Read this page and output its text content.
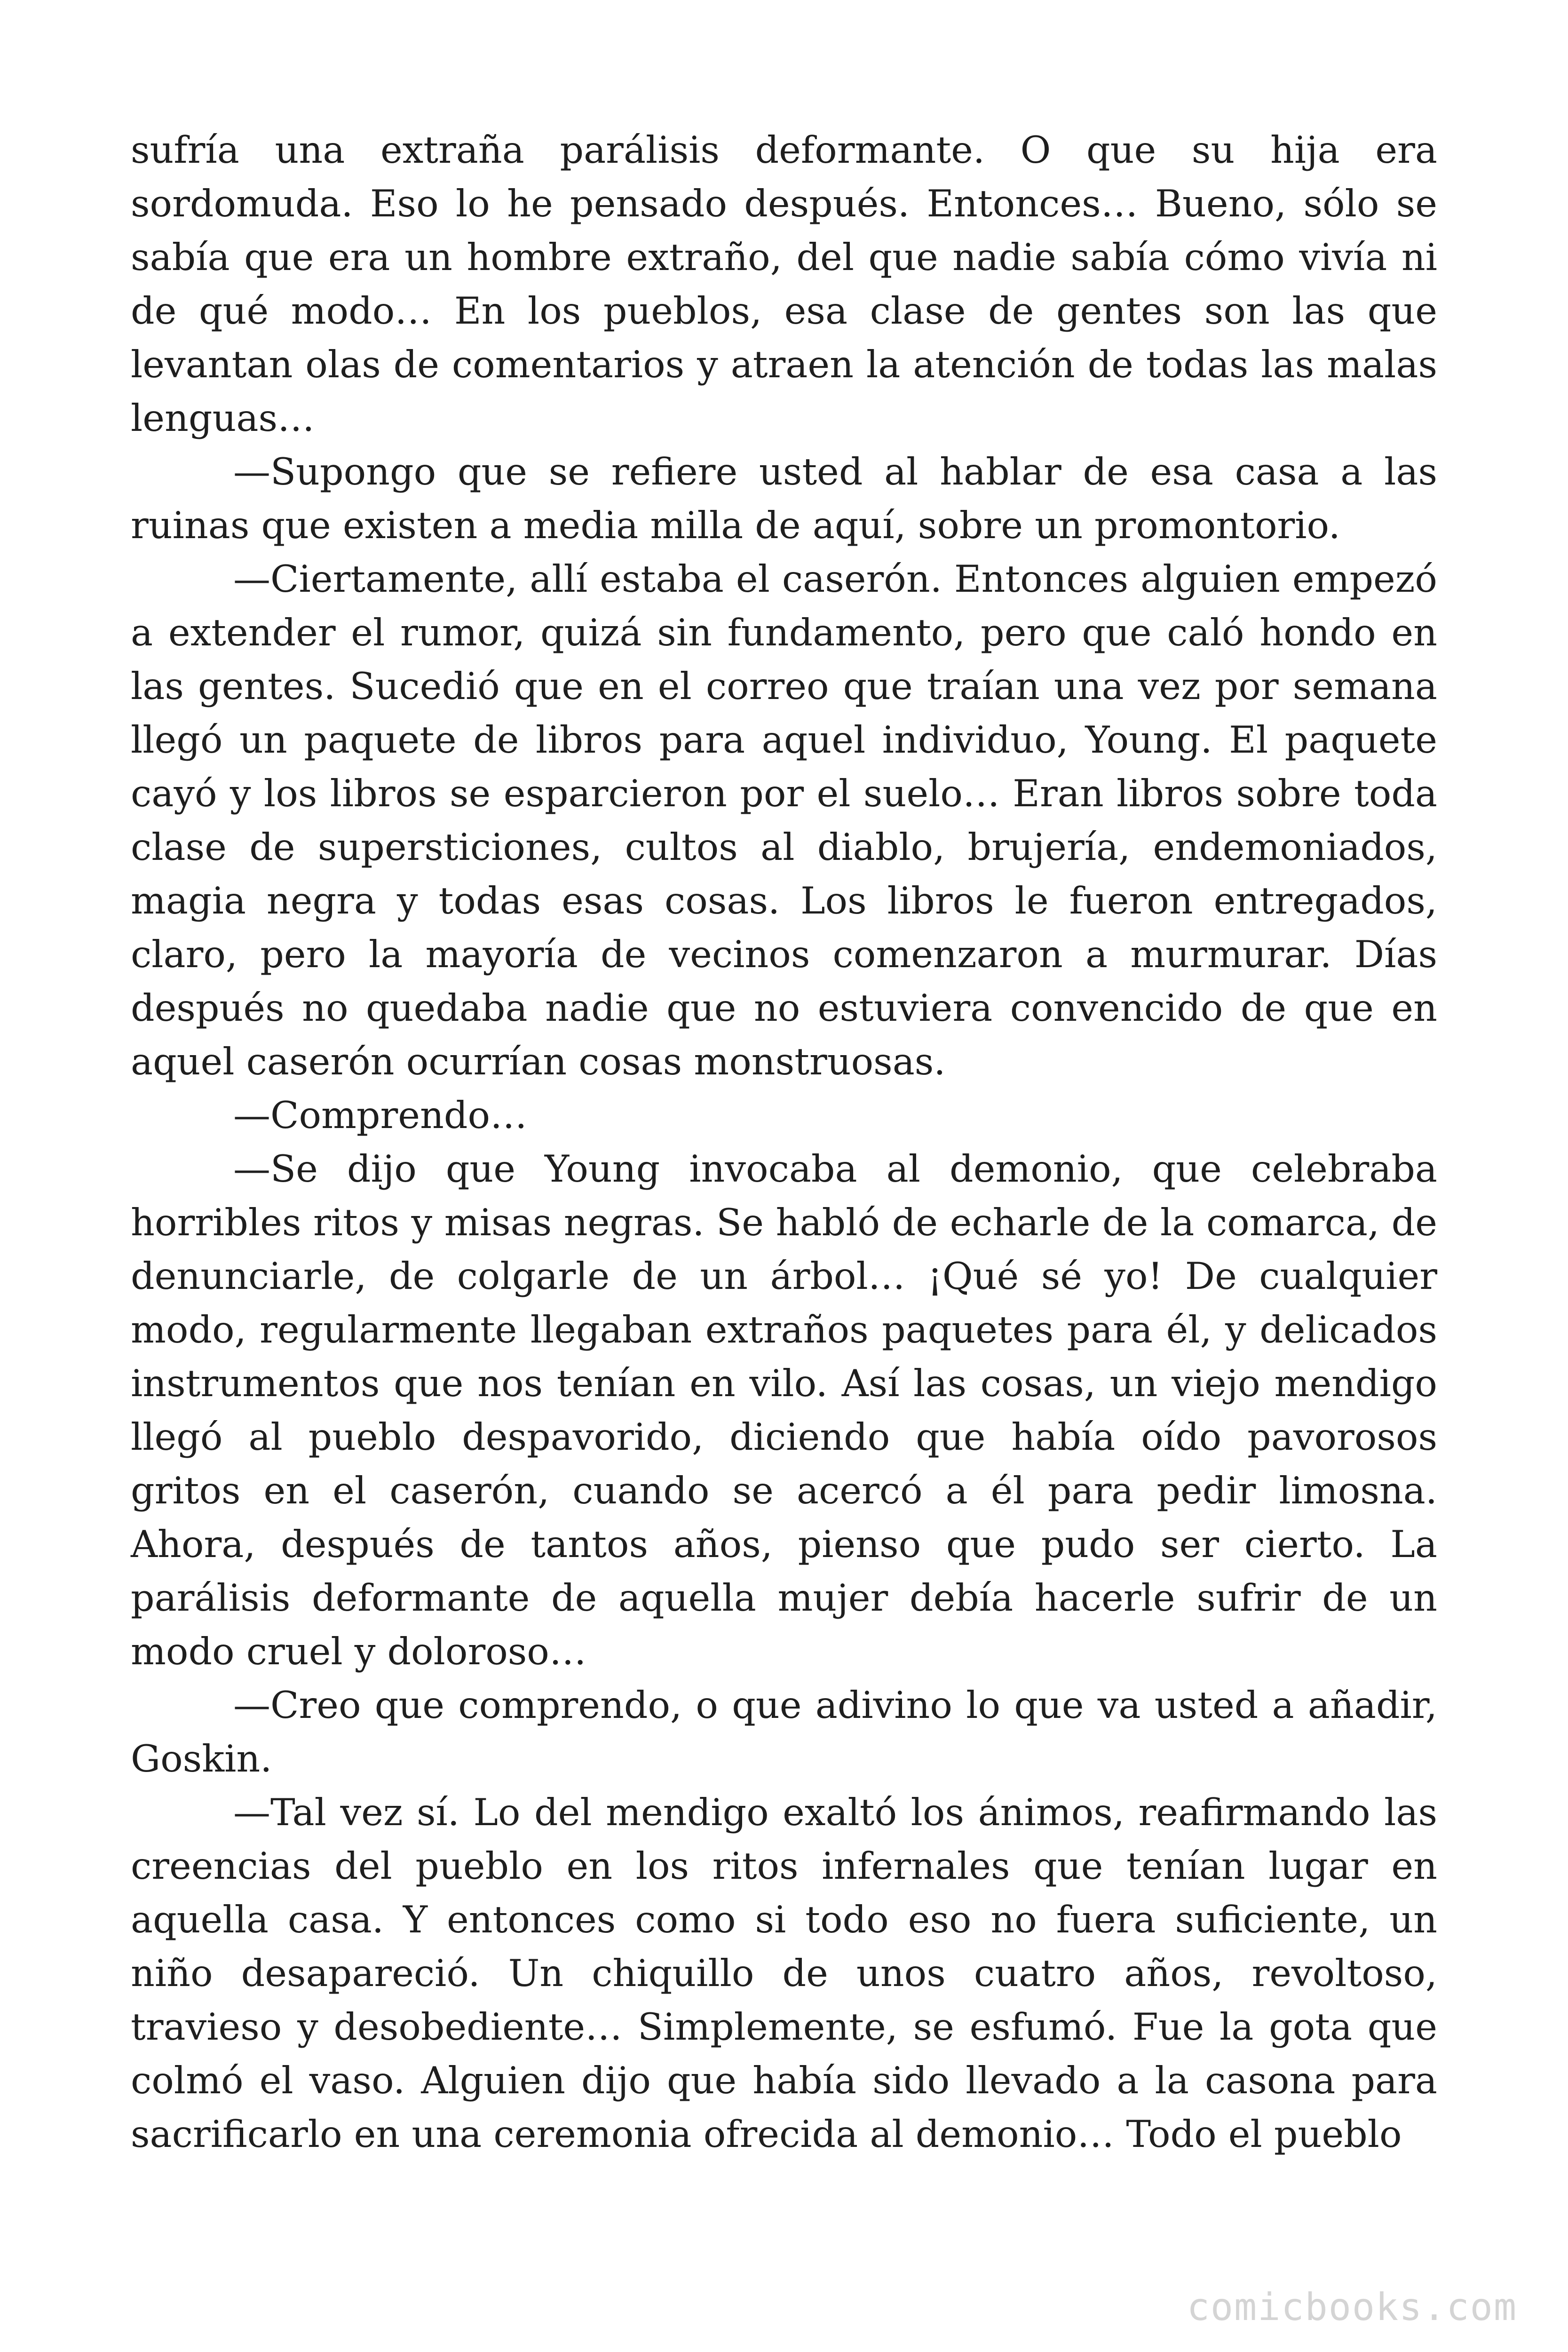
sufría una extraña parálisis deformante. O que su hija era sordomuda. Eso lo he pensado después. Entonces… Bueno, sólo se sabía que era un hombre extraño, del que nadie sabía cómo vivía ni de qué modo… En los pueblos, esa clase de gentes son las que levantan olas de comentarios y atraen la atención de todas las malas lenguas…

—Supongo que se refiere usted al hablar de esa casa a las ruinas que existen a media milla de aquí, sobre un promontorio.

—Ciertamente, allí estaba el caserón. Entonces alguien empezó a extender el rumor, quizá sin fundamento, pero que caló hondo en las gentes. Sucedió que en el correo que traían una vez por semana llegó un paquete de libros para aquel individuo, Young. El paquete cayó y los libros se esparcieron por el suelo… Eran libros sobre toda clase de supersticiones, cultos al diablo, brujería, endemoniados, magia negra y todas esas cosas. Los libros le fueron entregados, claro, pero la mayoría de vecinos comenzaron a murmurar. Días después no quedaba nadie que no estuviera convencido de que en aquel caserón ocurrían cosas monstruosas.

—Comprendo…

—Se dijo que Young invocaba al demonio, que celebraba horribles ritos y misas negras. Se habló de echarle de la comarca, de denunciarle, de colgarle de un árbol… ¡Qué sé yo! De cualquier modo, regularmente llegaban extraños paquetes para él, y delicados instrumentos que nos tenían en vilo. Así las cosas, un viejo mendigo llegó al pueblo despavorido, diciendo que había oído pavorosos gritos en el caserón, cuando se acercó a él para pedir limosna. Ahora, después de tantos años, pienso que pudo ser cierto. La parálisis deformante de aquella mujer debía hacerle sufrir de un modo cruel y doloroso…

—Creo que comprendo, o que adivino lo que va usted a añadir, Goskin.

—Tal vez sí. Lo del mendigo exaltó los ánimos, reafirmando las creencias del pueblo en los ritos infernales que tenían lugar en aquella casa. Y entonces como si todo eso no fuera suficiente, un niño desapareció. Un chiquillo de unos cuatro años, revoltoso, travieso y desobediente… Simplemente, se esfumó. Fue la gota que colmó el vaso. Alguien dijo que había sido llevado a la casona para sacrificarlo en una ceremonia ofrecida al demonio… Todo el pueblo

comicbooks.com
